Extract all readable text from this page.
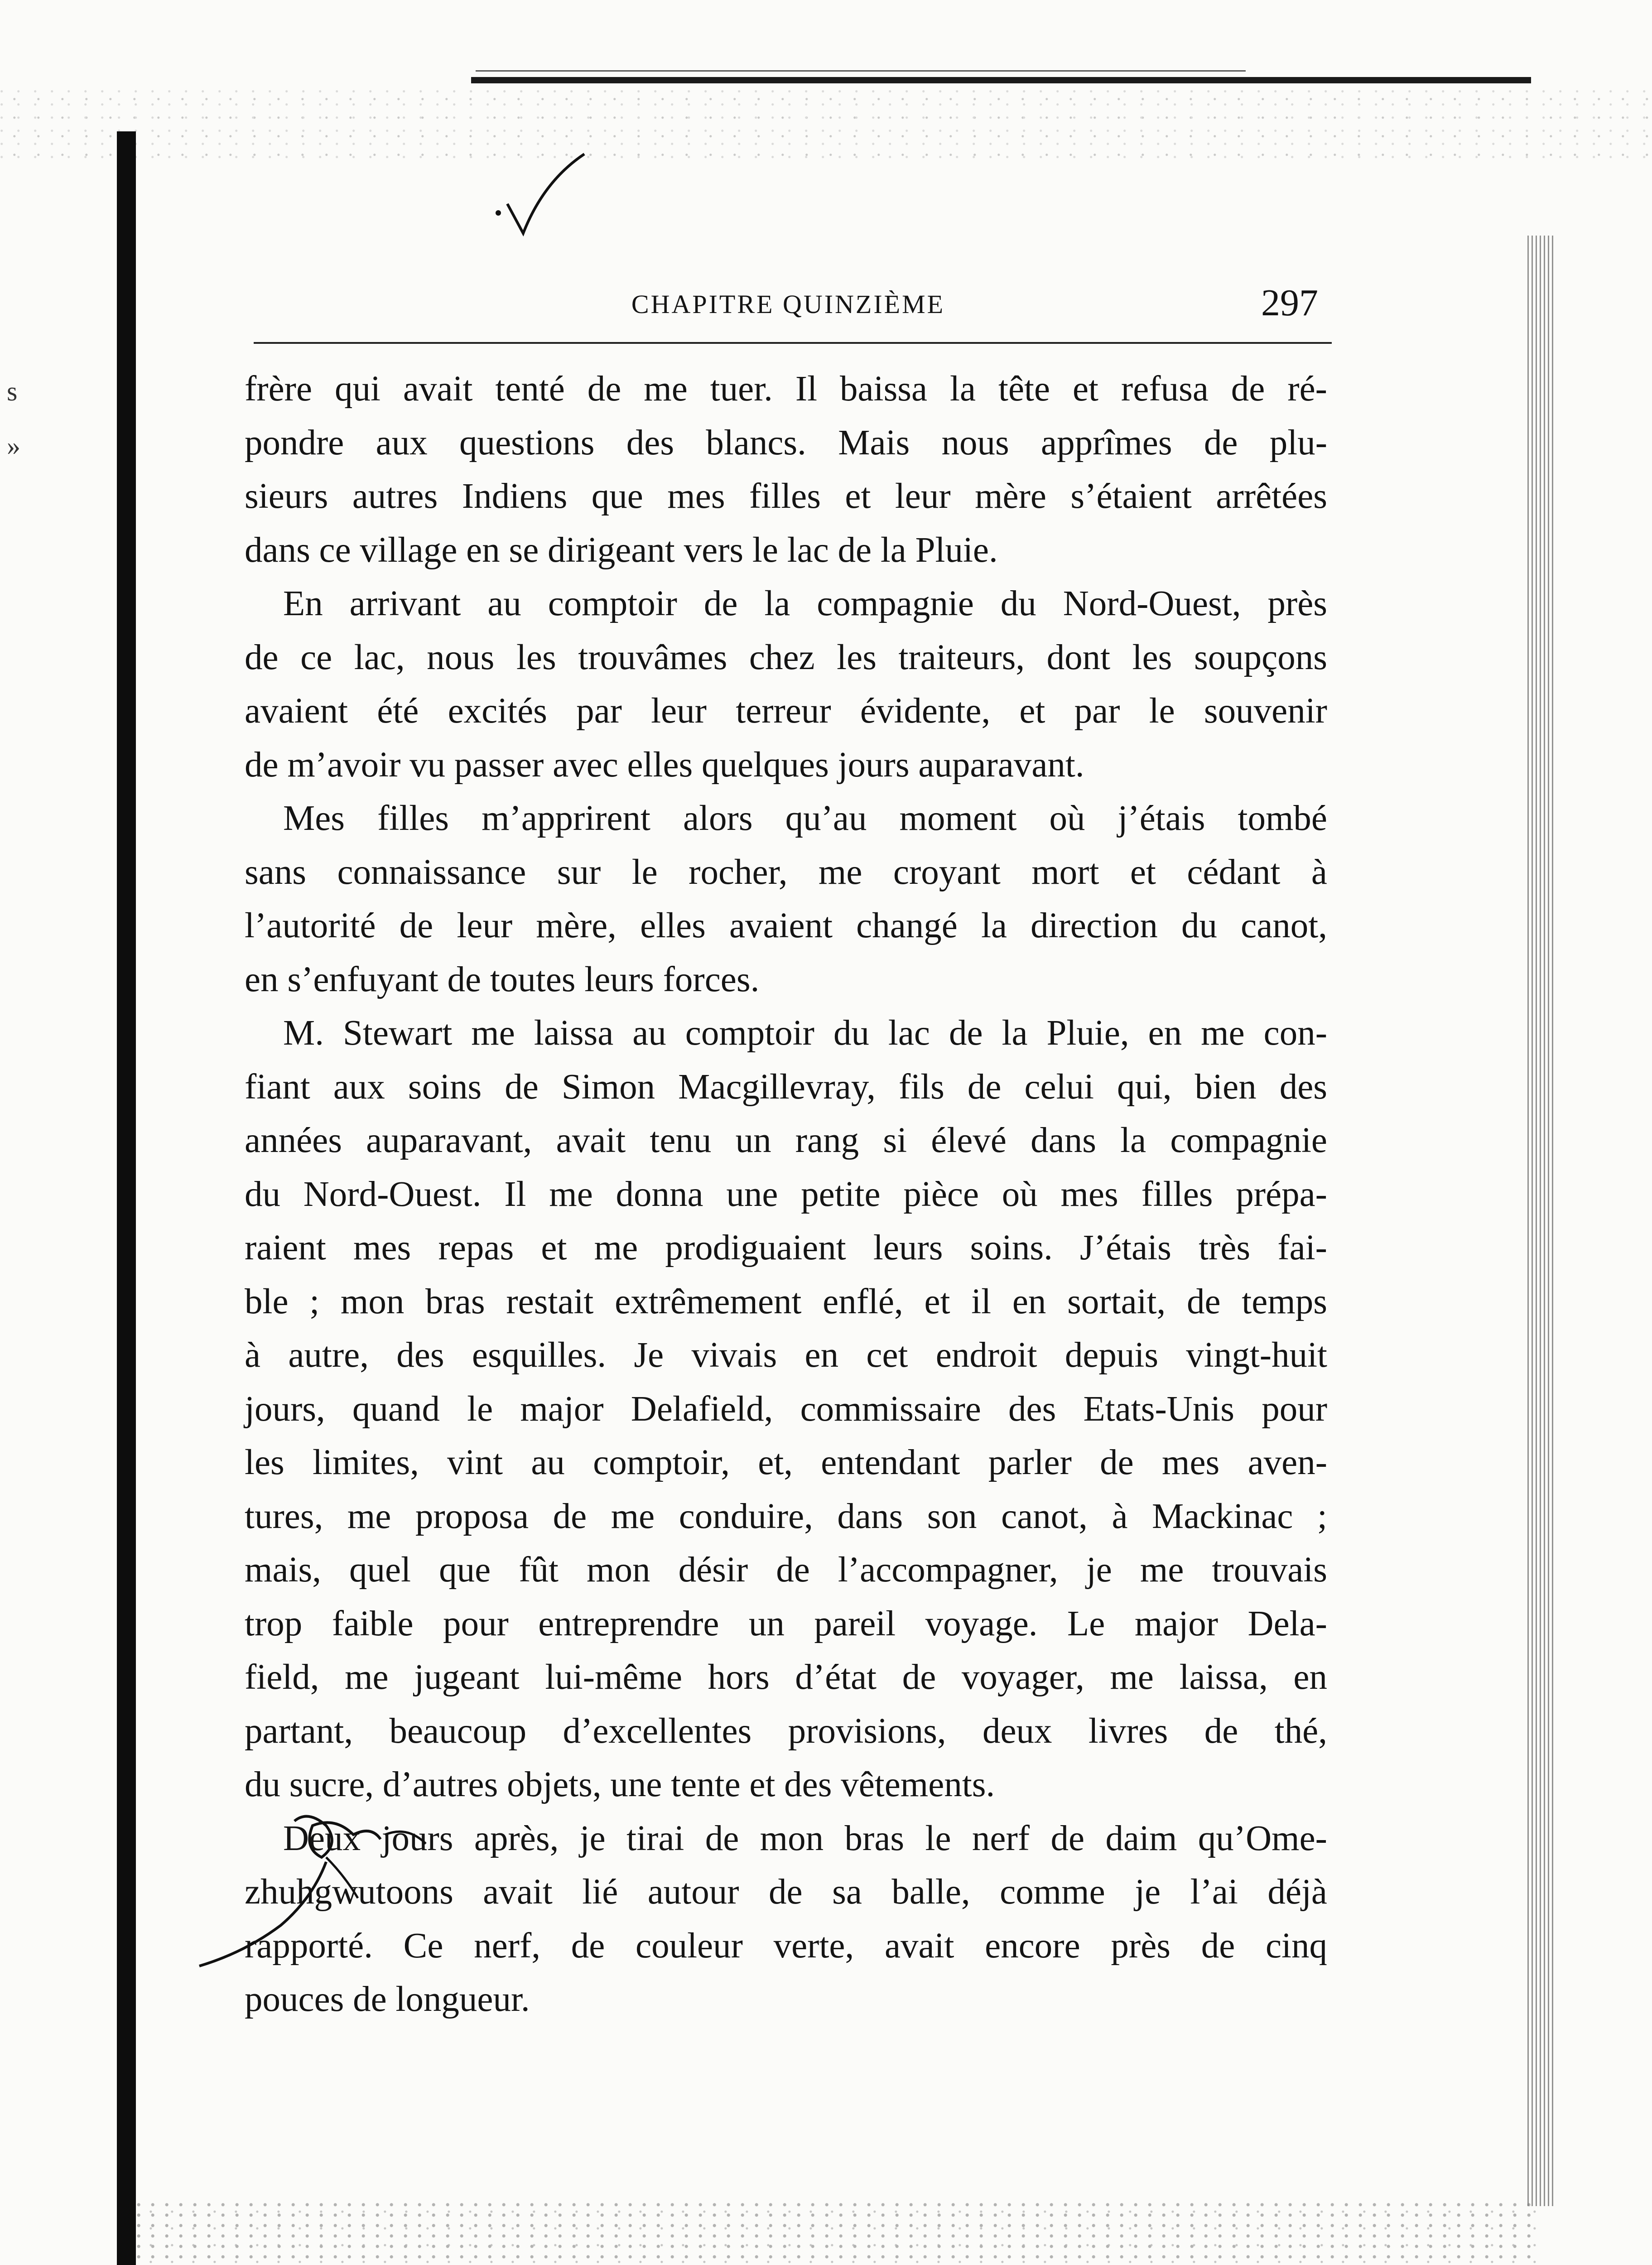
CHAPITRE QUINZIÈME	297
s
»
frère qui avait tenté de me tuer. Il baissa la tête et refusa de ré-
pondre aux questions des blancs. Mais nous apprîmes de plu-
sieurs autres Indiens que mes filles et leur mère s’étaient arrêtées
dans ce village en se dirigeant vers le lac de la Pluie.
En arrivant au comptoir de la compagnie du Nord-Ouest, près
de ce lac, nous les trouvâmes chez les traiteurs, dont les soupçons
avaient été excités par leur terreur évidente, et par le souvenir
de m’avoir vu passer avec elles quelques jours auparavant.
Mes filles m’apprirent alors qu’au moment où j’étais tombé
sans connaissance sur le rocher, me croyant mort et cédant à
l’autorité de leur mère, elles avaient changé la direction du canot,
en s’enfuyant de toutes leurs forces.
M. Stewart me laissa au comptoir du lac de la Pluie, en me con-
fiant aux soins de Simon Macgillevray, fils de celui qui, bien des
années auparavant, avait tenu un rang si élevé dans la compagnie
du Nord-Ouest. Il me donna une petite pièce où mes filles prépa-
raient mes repas et me prodiguaient leurs soins. J’étais très fai-
ble ; mon bras restait extrêmement enflé, et il en sortait, de temps
à autre, des esquilles. Je vivais en cet endroit depuis vingt-huit
jours, quand le major Delafield, commissaire des Etats-Unis pour
les limites, vint au comptoir, et, entendant parler de mes aven-
tures, me proposa de me conduire, dans son canot, à Mackinac ;
mais, quel que fût mon désir de l’accompagner, je me trouvais
trop faible pour entreprendre un pareil voyage. Le major Dela-
field, me jugeant lui-même hors d’état de voyager, me laissa, en
partant, beaucoup d’excellentes provisions, deux livres de thé,
du sucre, d’autres objets, une tente et des vêtements.
Deux jours après, je tirai de mon bras le nerf de daim qu’Ome-
zhuhgwutoons avait lié autour de sa balle, comme je l’ai déjà
rapporté. Ce nerf, de couleur verte, avait encore près de cinq
pouces de longueur.
